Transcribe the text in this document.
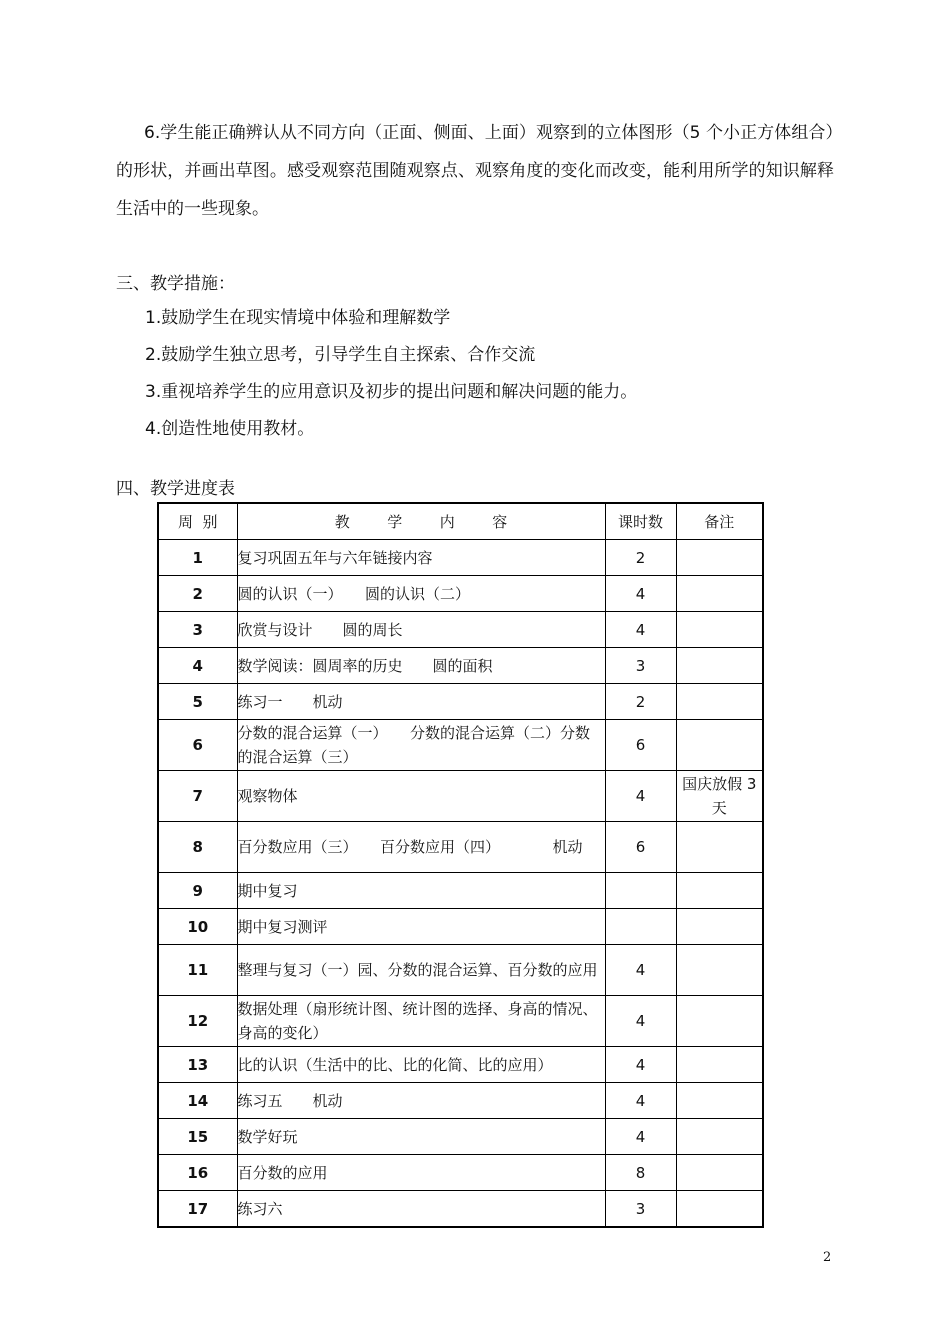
6.学生能正确辨认从不同方向（正面、侧面、上面）观察到的立体图形（5 个小正方体组合）的形状，并画出草图。感受观察范围随观察点、观察角度的变化而改变，能利用所学的知识解释生活中的一些现象。

三、教学措施：
1.鼓励学生在现实情境中体验和理解数学
2.鼓励学生独立思考，引导学生自主探索、合作交流
3.重视培养学生的应用意识及初步的提出问题和解决问题的能力。
4.创造性地使用教材。
四、教学进度表
周  别	教  学  内  容	课时数	备注
1	复习巩固五年与六年链接内容	2	
2	圆的认识（一）　　圆的认识（二）	4	
3	欣赏与设计　　圆的周长	4	
4	数学阅读：圆周率的历史　　圆的面积	3	
5	练习一　　机动	2	
6	分数的混合运算（一）　　分数的混合运算（二）分数的混合运算（三）	6	
7	观察物体	4	国庆放假 3 天
8	百分数应用（三）　　百分数应用（四）　　　　机动	6	
9	期中复习		
10	期中复习测评		
11	整理与复习（一）园、分数的混合运算、百分数的应用	4	
12	数据处理（扇形统计图、统计图的选择、身高的情况、身高的变化）	4	
13	比的认识（生活中的比、比的化简、比的应用）	4	
14	练习五　　机动	4	
15	数学好玩	4	
16	百分数的应用	8	
17	练习六	3	
2
